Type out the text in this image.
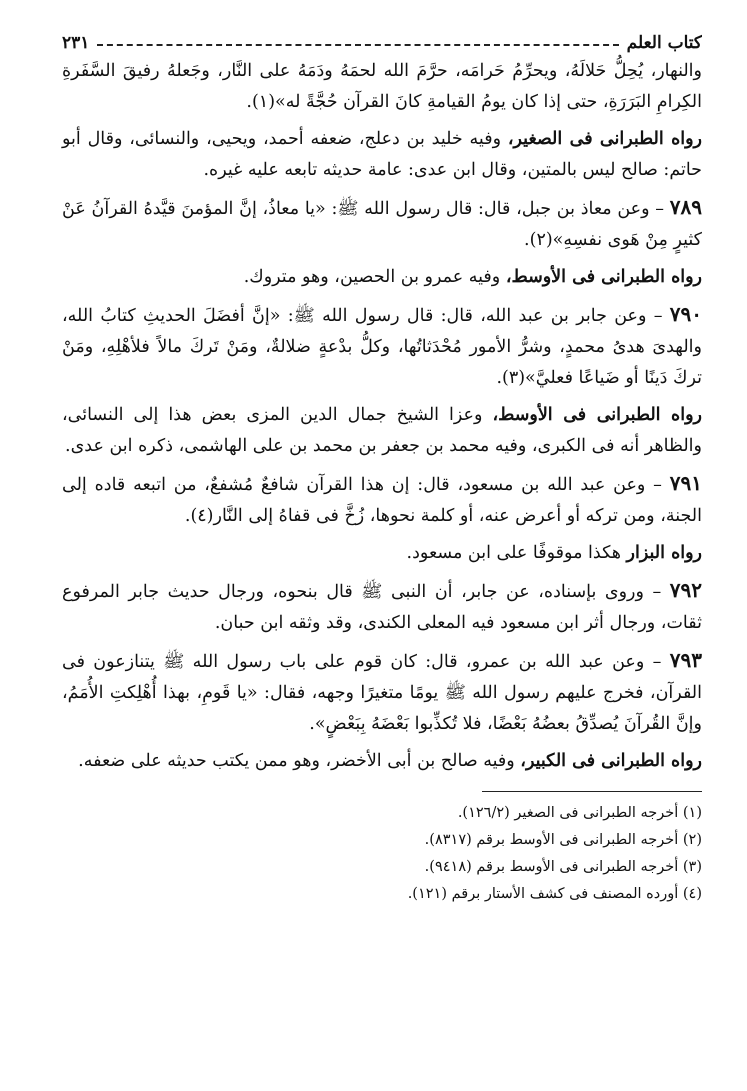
كتاب العلم
٢٣١

والنهار، يُحِلُّ حَلالَهُ، ويحرِّمُ حَرامَه، حرَّمَ الله لحمَهُ ودَمَهُ على النَّار، وجَعلهُ رفيقَ السَّفَرةِ الكِرامِ البَرَرَةِ، حتى إذا كان يومُ القيامةِ كانَ القرآن حُجَّةً له»(١).

رواه الطبرانى فى الصغير، وفيه خليد بن دعلج، ضعفه أحمد، ويحيى، والنسائى، وقال أبو حاتم: صالح ليس بالمتين، وقال ابن عدى: عامة حديثه تابعه عليه غيره.

٧٨٩ – وعن معاذ بن جبل، قال: قال رسول الله ﷺ: «يا معاذُ، إنَّ المؤمنَ قيَّدهُ القرآنُ عَنْ كثيرٍ مِنْ هَوى نفسِهِ»(٢).

رواه الطبرانى فى الأوسط، وفيه عمرو بن الحصين، وهو متروك.

٧٩٠ – وعن جابر بن عبد الله، قال: قال رسول الله ﷺ: «إنَّ أفضَلَ الحديثِ كتابُ الله، والهدىَ هدىُ محمدٍ، وشرُّ الأمور مُحْدَثاتُها، وكلُّ بدْعةٍ ضلالةٌ، ومَنْ تَركَ مالاً فلأهْلِهِ، ومَنْ تركَ دَينًا أو ضَياعًا فعليَّ»(٣).

رواه الطبرانى فى الأوسط، وعزا الشيخ جمال الدين المزى بعض هذا إلى النسائى، والظاهر أنه فى الكبرى، وفيه محمد بن جعفر بن محمد بن على الهاشمى، ذكره ابن عدى.

٧٩١ – وعن عبد الله بن مسعود، قال: إن هذا القرآن شافعٌ مُشفعٌ، من اتبعه قاده إلى الجنة، ومن تركه أو أعرض عنه، أو كلمة نحوها، زُخَّ فى قفاهُ إلى النَّار(٤).

رواه البزار هكذا موقوفًا على ابن مسعود.

٧٩٢ – وروى بإسناده، عن جابر، أن النبى ﷺ قال بنحوه، ورجال حديث جابر المرفوع ثقات، ورجال أثر ابن مسعود فيه المعلى الكندى، وقد وثقه ابن حبان.

٧٩٣ – وعن عبد الله بن عمرو، قال: كان قوم على باب رسول الله ﷺ يتنازعون فى القرآن، فخرج عليهم رسول الله ﷺ يومًا متغيرًا وجهه، فقال: «يا قَومِ، بهذا أُهْلِكتِ الأُمَمُ، وإنَّ القُرآنَ يُصدِّقُ بعضُهُ بَعْضًا، فلا تُكذِّبوا بَعْضَهُ بِبَعْضٍ».

رواه الطبرانى فى الكبير، وفيه صالح بن أبى الأخضر، وهو ممن يكتب حديثه على ضعفه.

(١) أخرجه الطبرانى فى الصغير (١٢٦/٢).

(٢) أخرجه الطبرانى فى الأوسط برقم (٨٣١٧).

(٣) أخرجه الطبرانى فى الأوسط برقم (٩٤١٨).

(٤) أورده المصنف فى كشف الأستار برقم (١٢١).
